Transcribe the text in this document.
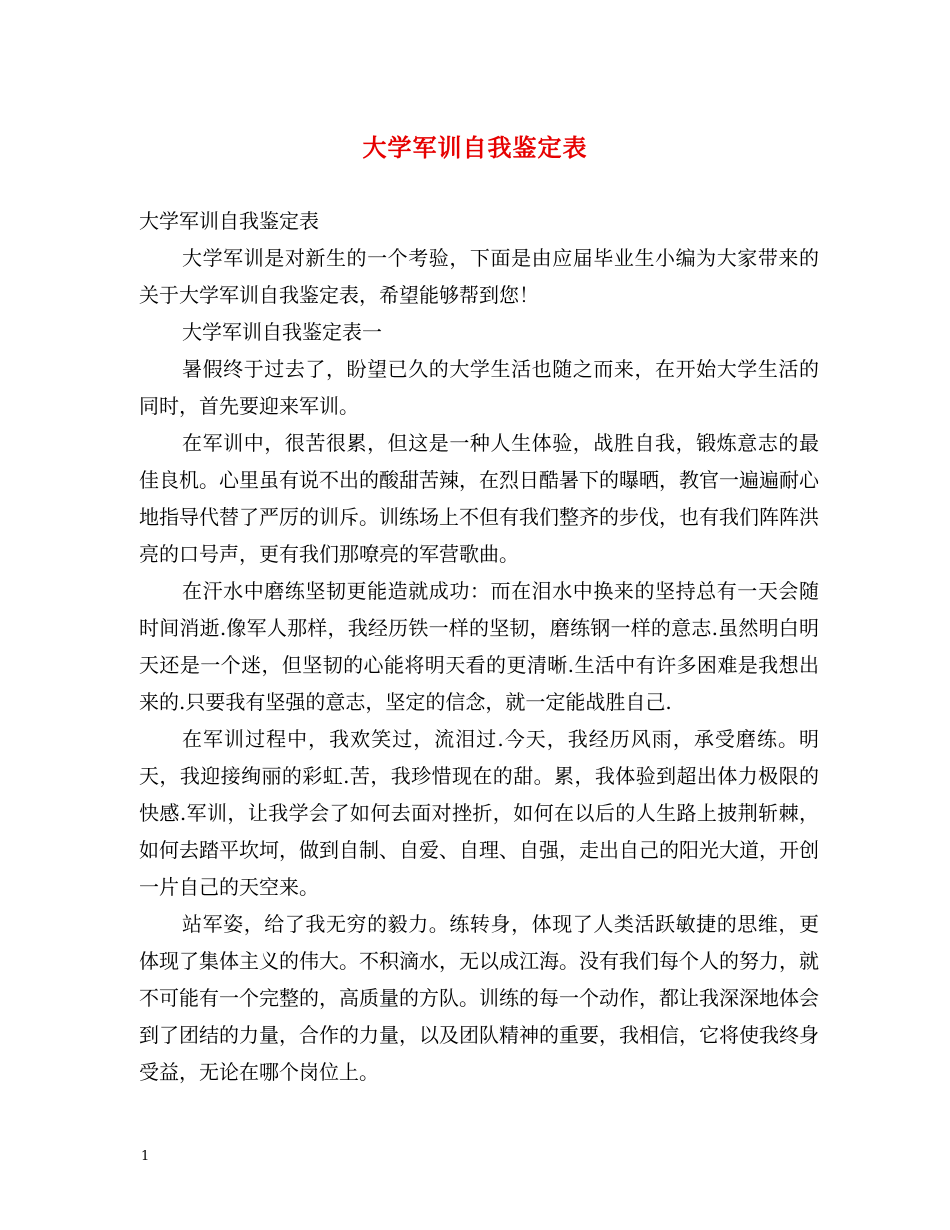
大学军训自我鉴定表

大学军训自我鉴定表

大学军训是对新生的一个考验，下面是由应届毕业生小编为大家带来的关于大学军训自我鉴定表，希望能够帮到您！

大学军训自我鉴定表一

暑假终于过去了，盼望已久的大学生活也随之而来，在开始大学生活的同时，首先要迎来军训。

在军训中，很苦很累，但这是一种人生体验，战胜自我，锻炼意志的最佳良机。心里虽有说不出的酸甜苦辣，在烈日酷暑下的曝晒，教官一遍遍耐心地指导代替了严厉的训斥。训练场上不但有我们整齐的步伐，也有我们阵阵洪亮的口号声，更有我们那嘹亮的军营歌曲。

在汗水中磨练坚韧更能造就成功：而在泪水中换来的坚持总有一天会随时间消逝.像军人那样，我经历铁一样的坚韧，磨练钢一样的意志.虽然明白明天还是一个迷，但坚韧的心能将明天看的更清晰.生活中有许多困难是我想出来的.只要我有坚强的意志，坚定的信念，就一定能战胜自己.

在军训过程中，我欢笑过，流泪过.今天，我经历风雨，承受磨练。明天，我迎接绚丽的彩虹.苦，我珍惜现在的甜。累，我体验到超出体力极限的快感.军训，让我学会了如何去面对挫折，如何在以后的人生路上披荆斩棘，如何去踏平坎坷，做到自制、自爱、自理、自强，走出自己的阳光大道，开创一片自己的天空来。

站军姿，给了我无穷的毅力。练转身，体现了人类活跃敏捷的思维，更体现了集体主义的伟大。不积滴水，无以成江海。没有我们每个人的努力，就不可能有一个完整的，高质量的方队。训练的每一个动作，都让我深深地体会到了团结的力量，合作的力量，以及团队精神的重要，我相信，它将使我终身受益，无论在哪个岗位上。

1
